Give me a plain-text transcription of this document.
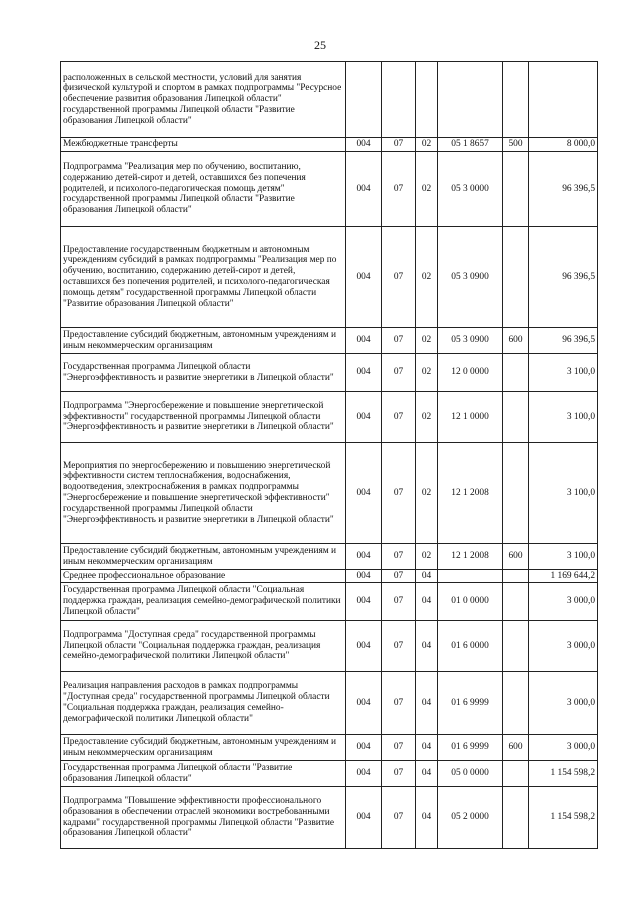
25
расположенных в сельской местности, условий для занятия физической культурой и спортом в рамках подпрограммы "Ресурсное обеспечение развития образования Липецкой области" государственной программы Липецкой области "Развитие образования Липецкой области"						
Межбюджетные трансферты	004	07	02	05 1 8657	500	8 000,0
Подпрограмма "Реализация мер по обучению, воспитанию, содержанию детей-сирот и детей, оставшихся без попечения родителей, и психолого-педагогическая помощь детям" государственной программы Липецкой области "Развитие образования Липецкой области"	004	07	02	05 3 0000		96 396,5
Предоставление государственным бюджетным и автономным учреждениям субсидий в рамках подпрограммы "Реализация мер по обучению, воспитанию, содержанию детей-сирот и детей, оставшихся без попечения родителей, и психолого-педагогическая помощь детям" государственной программы Липецкой области "Развитие образования Липецкой области"	004	07	02	05 3 0900		96 396,5
Предоставление субсидий бюджетным, автономным учреждениям и иным некоммерческим организациям	004	07	02	05 3 0900	600	96 396,5
Государственная программа Липецкой области "Энергоэффективность и развитие энергетики в Липецкой области"	004	07	02	12 0 0000		3 100,0
Подпрограмма "Энергосбережение и повышение энергетической эффективности" государственной программы Липецкой области "Энергоэффективность и развитие энергетики в Липецкой области"	004	07	02	12 1 0000		3 100,0
Мероприятия по энергосбережению и повышению энергетической эффективности систем теплоснабжения, водоснабжения, водоотведения, электроснабжения в рамках подпрограммы "Энергосбережение и повышение энергетической эффективности" государственной программы Липецкой области "Энергоэффективность и развитие энергетики в Липецкой области"	004	07	02	12 1 2008		3 100,0
Предоставление субсидий бюджетным, автономным учреждениям и иным некоммерческим организациям	004	07	02	12 1 2008	600	3 100,0
Среднее профессиональное образование	004	07	04			1 169 644,2
Государственная программа Липецкой области "Социальная поддержка граждан, реализация семейно-демографической политики Липецкой области"	004	07	04	01 0 0000		3 000,0
Подпрограмма "Доступная среда" государственной программы Липецкой области "Социальная поддержка граждан, реализация семейно-демографической политики Липецкой области"	004	07	04	01 6 0000		3 000,0
Реализация направления расходов в рамках подпрограммы "Доступная среда" государственной программы Липецкой области "Социальная поддержка граждан, реализация семейно-демографической политики Липецкой области"	004	07	04	01 6 9999		3 000,0
Предоставление субсидий бюджетным, автономным учреждениям и иным некоммерческим организациям	004	07	04	01 6 9999	600	3 000,0
Государственная программа Липецкой области "Развитие образования Липецкой области"	004	07	04	05 0 0000		1 154 598,2
Подпрограмма "Повышение эффективности профессионального образования в обеспечении отраслей экономики востребованными кадрами" государственной программы Липецкой области "Развитие образования Липецкой области"	004	07	04	05 2 0000		1 154 598,2
